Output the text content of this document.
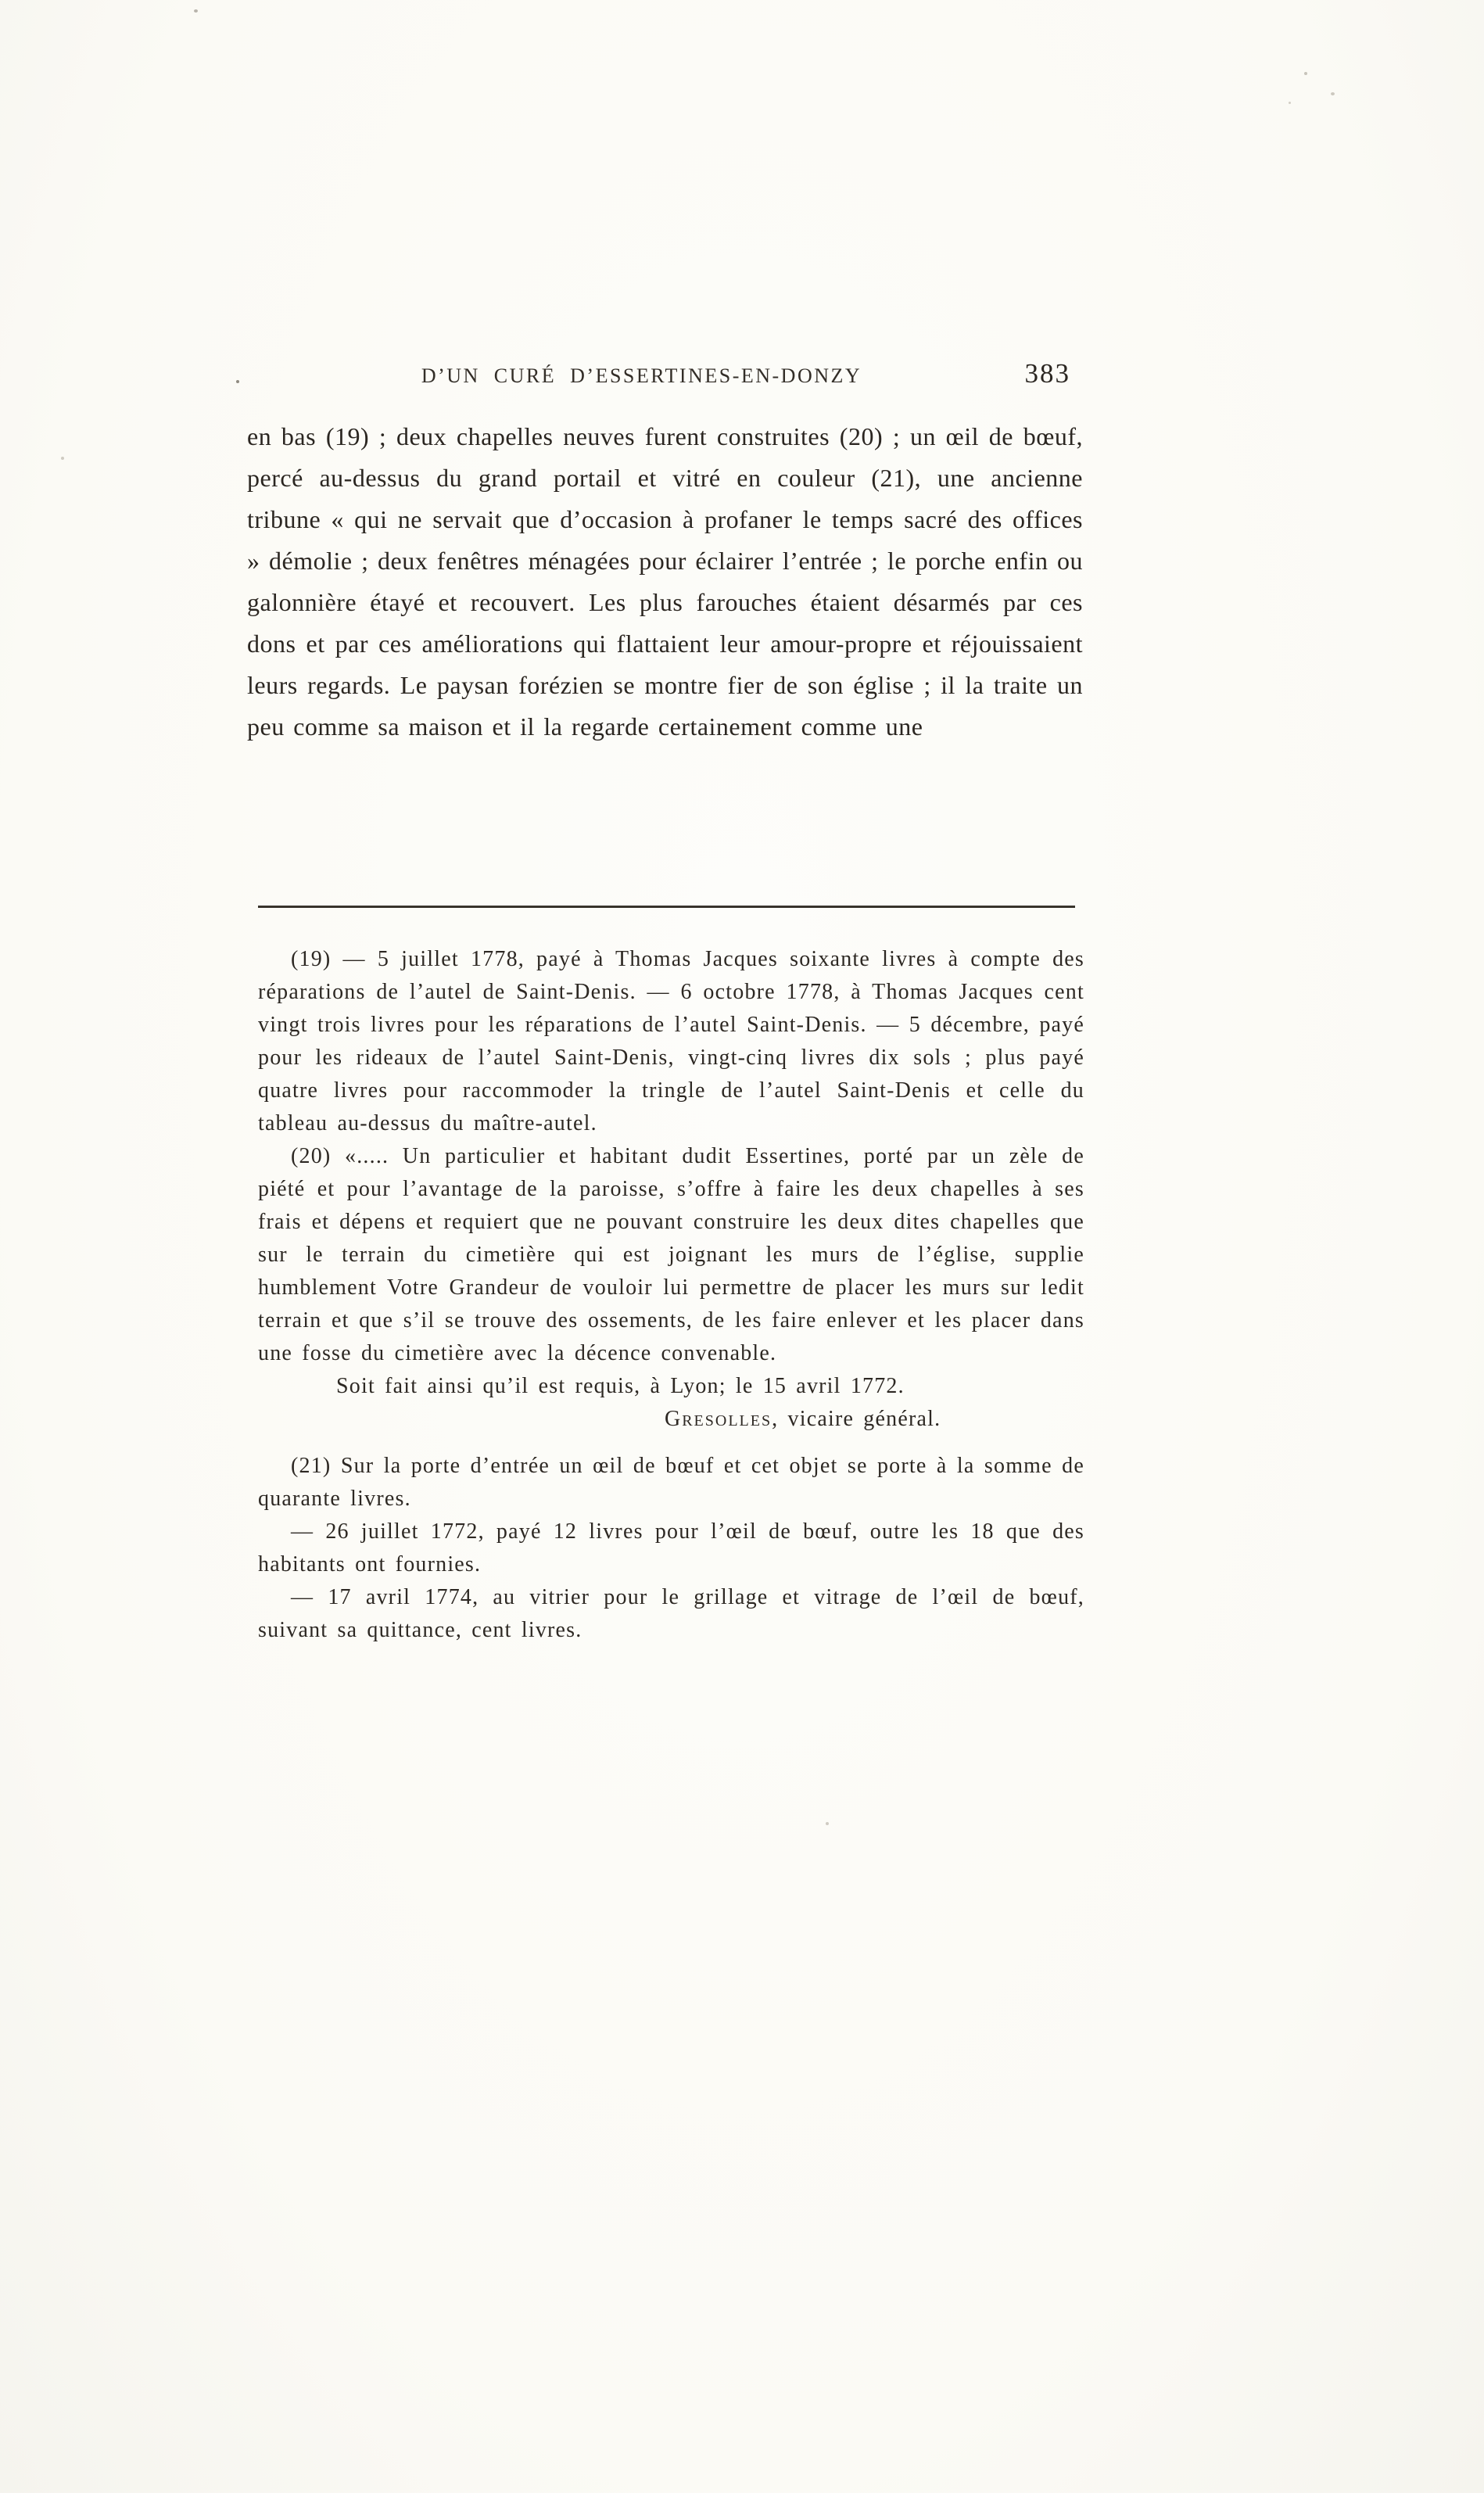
D’UN CURÉ D’ESSERTINES-EN-DONZY	383

en bas (19) ; deux chapelles neuves furent construites (20) ; un œil de bœuf, percé au-dessus du grand portail et vitré en couleur (21), une ancienne tribune « qui ne servait que d’occasion à profaner le temps sacré des offices » démolie ; deux fenêtres ménagées pour éclairer l’entrée ; le porche enfin ou galonnière étayé et recouvert. Les plus farouches étaient désarmés par ces dons et par ces améliorations qui flattaient leur amour-propre et réjouissaient leurs regards. Le paysan forézien se montre fier de son église ; il la traite un peu comme sa maison et il la regarde certainement comme une

(19) — 5 juillet 1778, payé à Thomas Jacques soixante livres à compte des réparations de l’autel de Saint-Denis. — 6 octobre 1778, à Thomas Jacques cent vingt trois livres pour les réparations de l’autel Saint-Denis. — 5 décembre, payé pour les rideaux de l’autel Saint-Denis, vingt-cinq livres dix sols ; plus payé quatre livres pour raccommoder la tringle de l’autel Saint-Denis et celle du tableau au-dessus du maître-autel.

(20) «..... Un particulier et habitant dudit Essertines, porté par un zèle de piété et pour l’avantage de la paroisse, s’offre à faire les deux chapelles à ses frais et dépens et requiert que ne pouvant construire les deux dites chapelles que sur le terrain du cimetière qui est joignant les murs de l’église, supplie humblement Votre Grandeur de vouloir lui permettre de placer les murs sur ledit terrain et que s’il se trouve des ossements, de les faire enlever et les placer dans une fosse du cimetière avec la décence convenable.

Soit fait ainsi qu’il est requis, à Lyon; le 15 avril 1772.

Gresolles, vicaire général.

(21) Sur la porte d’entrée un œil de bœuf et cet objet se porte à la somme de quarante livres.

— 26 juillet 1772, payé 12 livres pour l’œil de bœuf, outre les 18 que des habitants ont fournies.

— 17 avril 1774, au vitrier pour le grillage et vitrage de l’œil de bœuf, suivant sa quittance, cent livres.
